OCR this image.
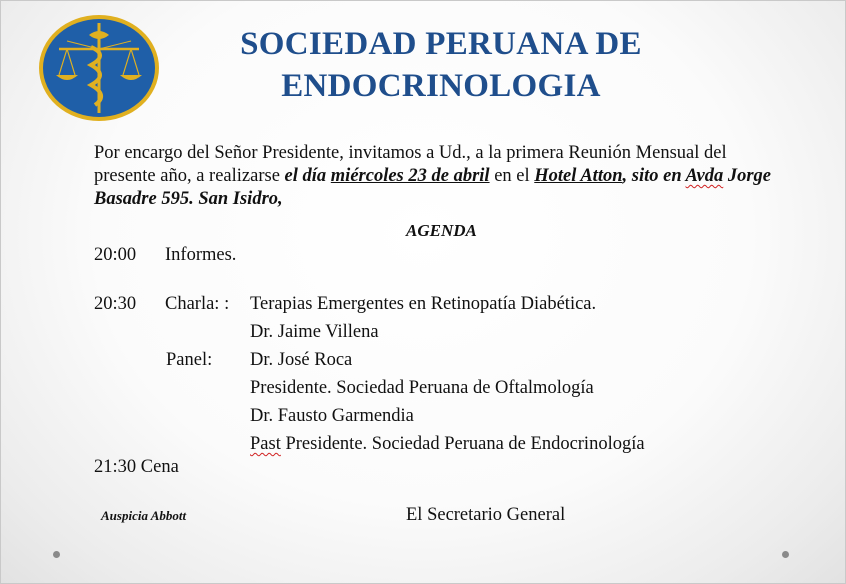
SOCIEDAD PERUANA DE
ENDOCRINOLOGIA
Por encargo del Señor Presidente, invitamos a Ud., a la primera Reunión Mensual del presente año, a realizarse el día miércoles 23 de abril en el Hotel Atton, sito en Avda Jorge Basadre 595. San Isidro,
AGENDA
20:00 Informes.
20:30 Charla: : Terapias Emergentes en Retinopatía Diabética.
Dr. Jaime Villena
Panel: Dr. José Roca
Presidente. Sociedad Peruana de Oftalmología
Dr. Fausto Garmendia
Past Presidente. Sociedad Peruana de Endocrinología
21:30 Cena
Auspicia Abbott	El Secretario General
